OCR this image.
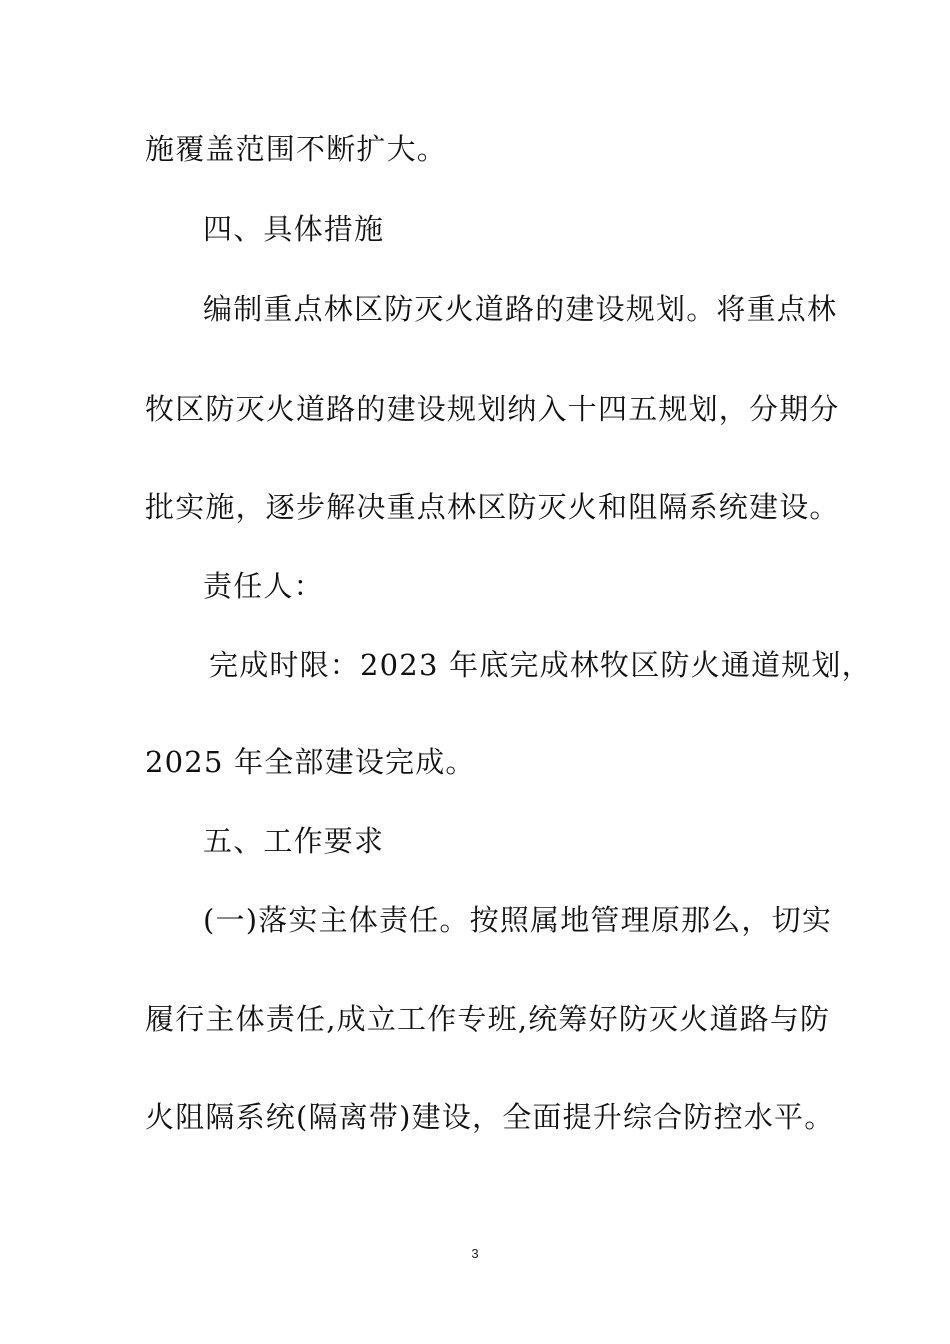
施覆盖范围不断扩大。
四、具体措施
编制重点林区防灭火道路的建设规划。将重点林
牧区防灭火道路的建设规划纳入十四五规划，分期分
批实施，逐步解决重点林区防灭火和阻隔系统建设。
责任人：
完成时限：2023 年底完成林牧区防火通道规划，
2025 年全部建设完成。
五、工作要求
(一)落实主体责任。按照属地管理原那么，切实
履行主体责任,成立工作专班,统筹好防灭火道路与防
火阻隔系统(隔离带)建设，全面提升综合防控水平。
3
